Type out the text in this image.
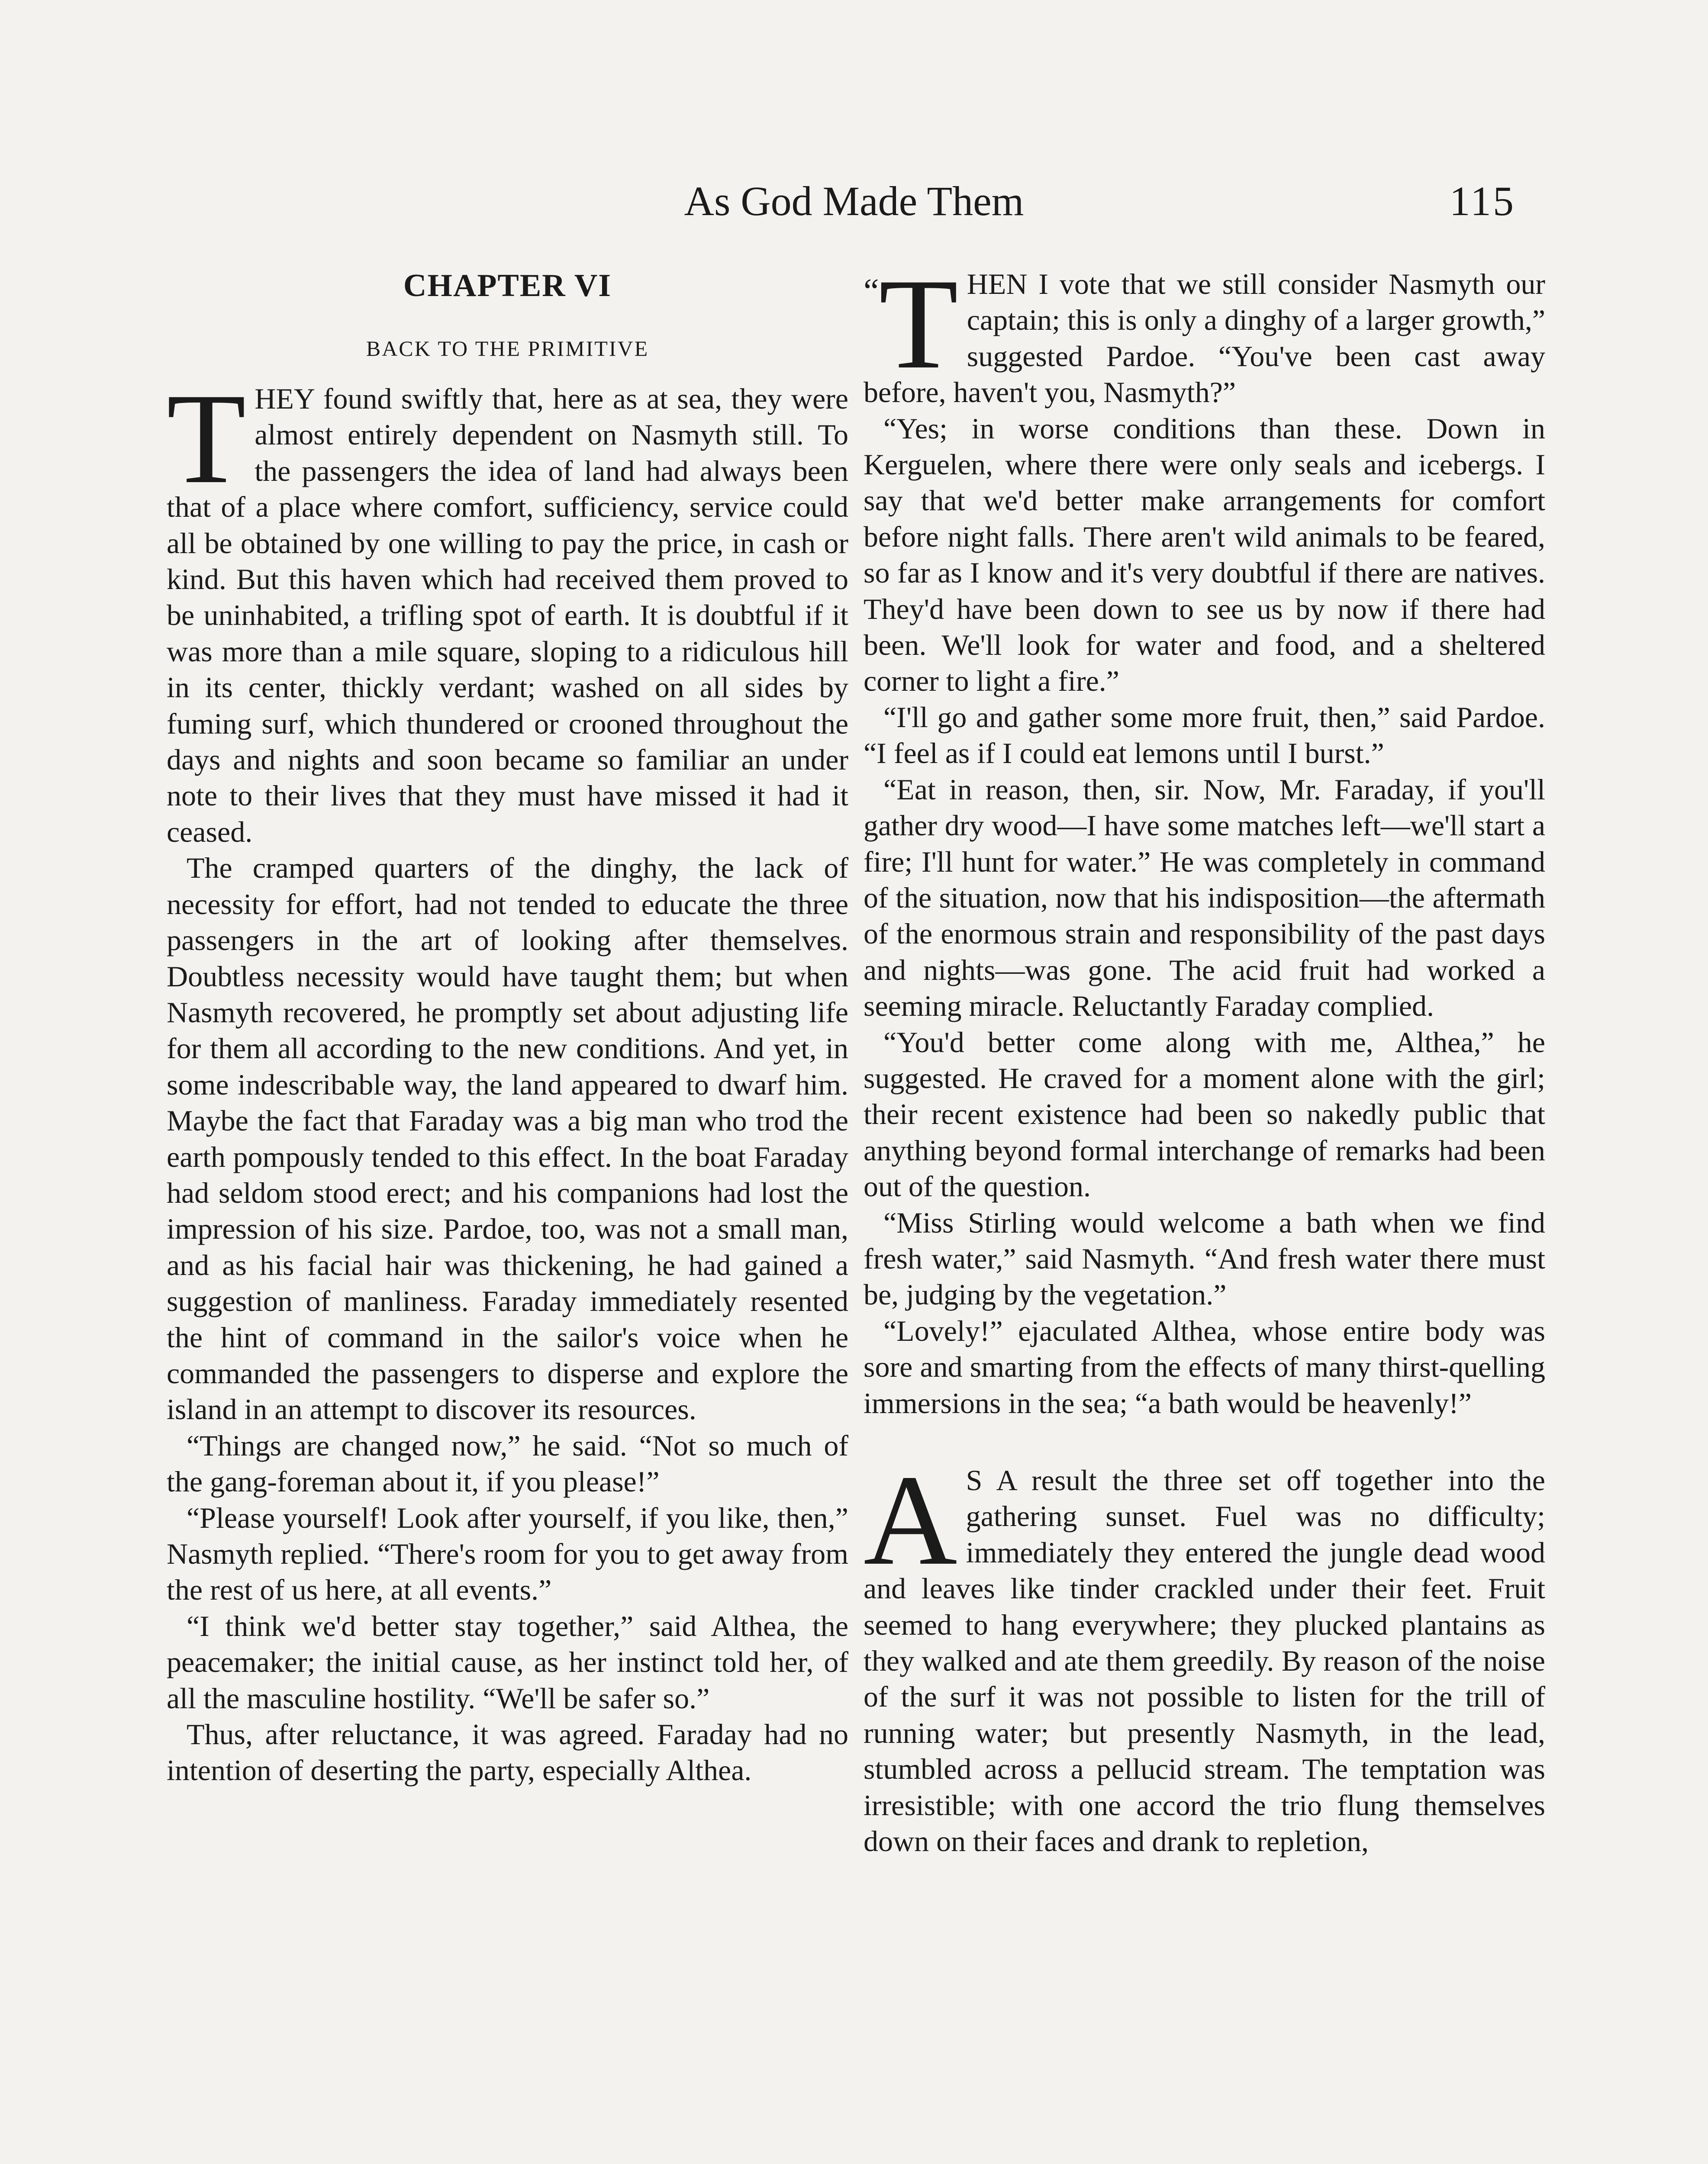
As God Made Them	115
CHAPTER VI
BACK TO THE PRIMITIVE

THEY found swiftly that, here as at sea, they were almost entirely dependent on Nasmyth still. To the passengers the idea of land had always been that of a place where comfort, sufficiency, service could all be obtained by one willing to pay the price, in cash or kind. But this haven which had received them proved to be uninhabited, a trifling spot of earth. It is doubtful if it was more than a mile square, sloping to a ridiculous hill in its center, thickly verdant; washed on all sides by fuming surf, which thundered or crooned throughout the days and nights and soon became so familiar an under note to their lives that they must have missed it had it ceased.

The cramped quarters of the dinghy, the lack of necessity for effort, had not tended to educate the three passengers in the art of looking after themselves. Doubtless necessity would have taught them; but when Nasmyth recovered, he promptly set about adjusting life for them all according to the new conditions. And yet, in some indescribable way, the land appeared to dwarf him. Maybe the fact that Faraday was a big man who trod the earth pompously tended to this effect. In the boat Faraday had seldom stood erect; and his companions had lost the impression of his size. Pardoe, too, was not a small man, and as his facial hair was thickening, he had gained a suggestion of manliness. Faraday immediately resented the hint of command in the sailor's voice when he commanded the passengers to disperse and explore the island in an attempt to discover its resources.

“Things are changed now,” he said. “Not so much of the gang-foreman about it, if you please!”

“Please yourself! Look after yourself, if you like, then,” Nasmyth replied. “There's room for you to get away from the rest of us here, at all events.”

“I think we'd better stay together,” said Althea, the peacemaker; the initial cause, as her instinct told her, of all the masculine hostility. “We'll be safer so.”

Thus, after reluctance, it was agreed. Faraday had no intention of deserting the party, especially Althea.

“T HEN I vote that we still consider Nasmyth our captain; this is only a dinghy of a larger growth,” suggested Pardoe. “You've been cast away before, haven't you, Nasmyth?”

“Yes; in worse conditions than these. Down in Kerguelen, where there were only seals and icebergs. I say that we'd better make arrangements for comfort before night falls. There aren't wild animals to be feared, so far as I know and it's very doubtful if there are natives. They'd have been down to see us by now if there had been. We'll look for water and food, and a sheltered corner to light a fire.”

“I'll go and gather some more fruit, then,” said Pardoe. “I feel as if I could eat lemons until I burst.”

“Eat in reason, then, sir. Now, Mr. Faraday, if you'll gather dry wood—I have some matches left—we'll start a fire; I'll hunt for water.” He was completely in command of the situation, now that his indisposition—the aftermath of the enormous strain and responsibility of the past days and nights—was gone. The acid fruit had worked a seeming miracle. Reluctantly Faraday complied.

“You'd better come along with me, Althea,” he suggested. He craved for a moment alone with the girl; their recent existence had been so nakedly public that anything beyond formal interchange of remarks had been out of the question.

“Miss Stirling would welcome a bath when we find fresh water,” said Nasmyth. “And fresh water there must be, judging by the vegetation.”

“Lovely!” ejaculated Althea, whose entire body was sore and smarting from the effects of many thirst-quelling immersions in the sea; “a bath would be heavenly!”

A S A result the three set off together into the gathering sunset. Fuel was no difficulty; immediately they entered the jungle dead wood and leaves like tinder crackled under their feet. Fruit seemed to hang everywhere; they plucked plantains as they walked and ate them greedily. By reason of the noise of the surf it was not possible to listen for the trill of running water; but presently Nasmyth, in the lead, stumbled across a pellucid stream. The temptation was irresistible; with one accord the trio flung themselves down on their faces and drank to repletion,
